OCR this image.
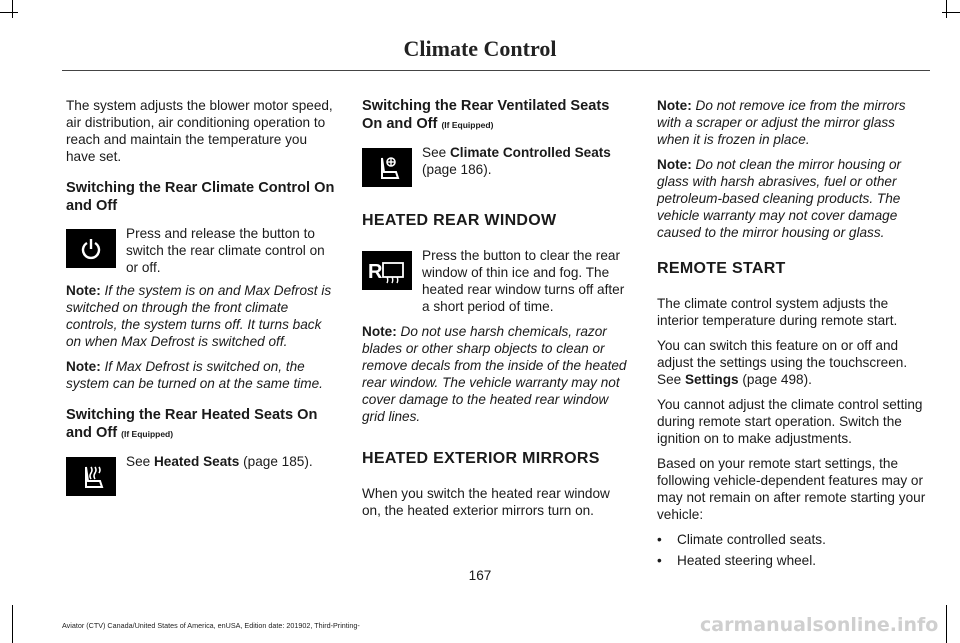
Climate Control

The system adjusts the blower motor speed, air distribution, air conditioning operation to reach and maintain the temperature you have set.

Switching the Rear Climate Control On and Off
Press and release the button to switch the rear climate control on or off.

Note: If the system is on and Max Defrost is switched on through the front climate controls, the system turns off. It turns back on when Max Defrost is switched off.

Note: If Max Defrost is switched on, the system can be turned on at the same time.

Switching the Rear Heated Seats On and Off (If Equipped)
See Heated Seats (page 185).
Switching the Rear Ventilated Seats On and Off (If Equipped)
See Climate Controlled Seats (page 186).
HEATED REAR WINDOW
R
Press the button to clear the rear window of thin ice and fog. The heated rear window turns off after a short period of time.

Note: Do not use harsh chemicals, razor blades or other sharp objects to clean or remove decals from the inside of the heated rear window. The vehicle warranty may not cover damage to the heated rear window grid lines.

HEATED EXTERIOR MIRRORS

When you switch the heated rear window on, the heated exterior mirrors turn on.

Note: Do not remove ice from the mirrors with a scraper or adjust the mirror glass when it is frozen in place.

Note: Do not clean the mirror housing or glass with harsh abrasives, fuel or other petroleum-based cleaning products. The vehicle warranty may not cover damage caused to the mirror housing or glass.

REMOTE START

The climate control system adjusts the interior temperature during remote start.

You can switch this feature on or off and adjust the settings using the touchscreen. See Settings (page 498).

You cannot adjust the climate control setting during remote start operation. Switch the ignition on to make adjustments.

Based on your remote start settings, the following vehicle-dependent features may or may not remain on after remote starting your vehicle:

•	Climate controlled seats.
•	Heated steering wheel.
167
Aviator (CTV) Canada/United States of America, enUSA, Edition date: 201902, Third-Printing-	carmanualsonline.info
